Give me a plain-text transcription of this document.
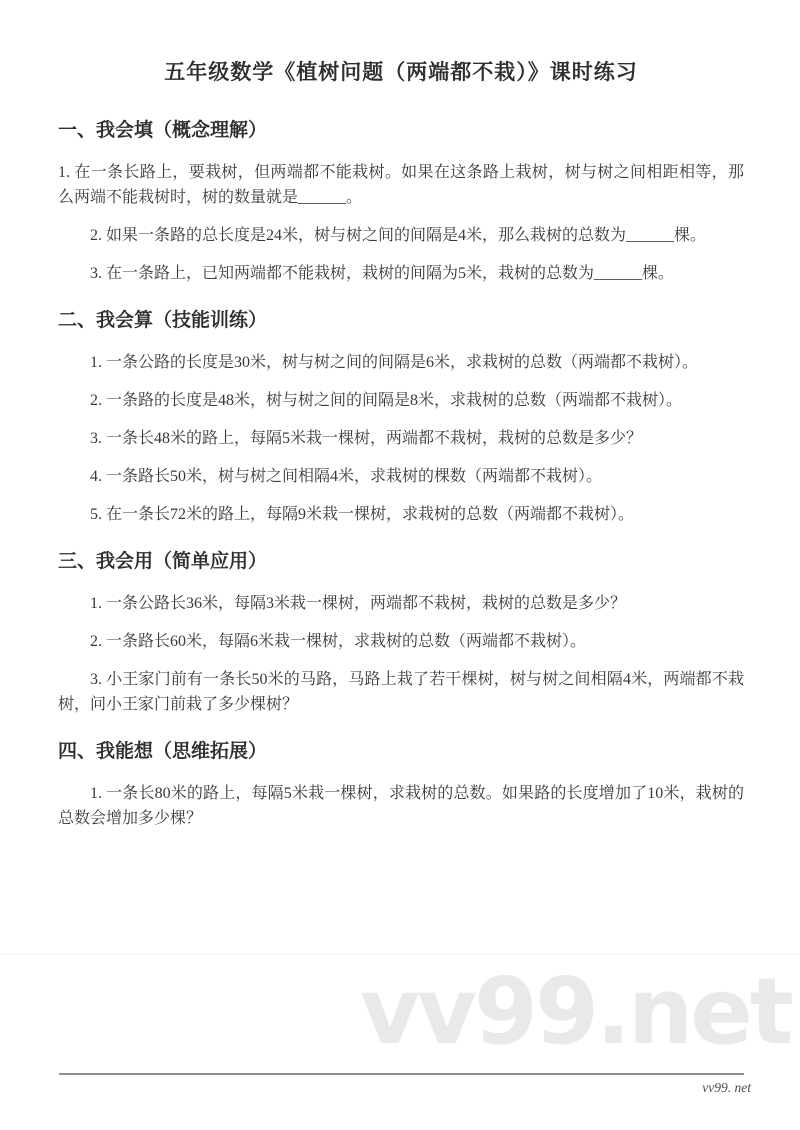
vv99.net
五年级数学《植树问题（两端都不栽）》课时练习
一、我会填（概念理解）

1. 在一条长路上，要栽树，但两端都不能栽树。如果在这条路上栽树，树与树之间相距相等，那么两端不能栽树时，树的数量就是______。

2. 如果一条路的总长度是24米，树与树之间的间隔是4米，那么栽树的总数为______棵。

3. 在一条路上，已知两端都不能栽树，栽树的间隔为5米，栽树的总数为______棵。

二、我会算（技能训练）

1. 一条公路的长度是30米，树与树之间的间隔是6米，求栽树的总数（两端都不栽树）。

2. 一条路的长度是48米，树与树之间的间隔是8米，求栽树的总数（两端都不栽树）。

3. 一条长48米的路上，每隔5米栽一棵树，两端都不栽树，栽树的总数是多少？

4. 一条路长50米，树与树之间相隔4米，求栽树的棵数（两端都不栽树）。

5. 在一条长72米的路上，每隔9米栽一棵树，求栽树的总数（两端都不栽树）。

三、我会用（简单应用）

1. 一条公路长36米，每隔3米栽一棵树，两端都不栽树，栽树的总数是多少？

2. 一条路长60米，每隔6米栽一棵树，求栽树的总数（两端都不栽树）。

3. 小王家门前有一条长50米的马路，马路上栽了若干棵树，树与树之间相隔4米，两端都不栽树，问小王家门前栽了多少棵树？

四、我能想（思维拓展）

1. 一条长80米的路上，每隔5米栽一棵树，求栽树的总数。如果路的长度增加了10米，栽树的总数会增加多少棵？

vv99. net
